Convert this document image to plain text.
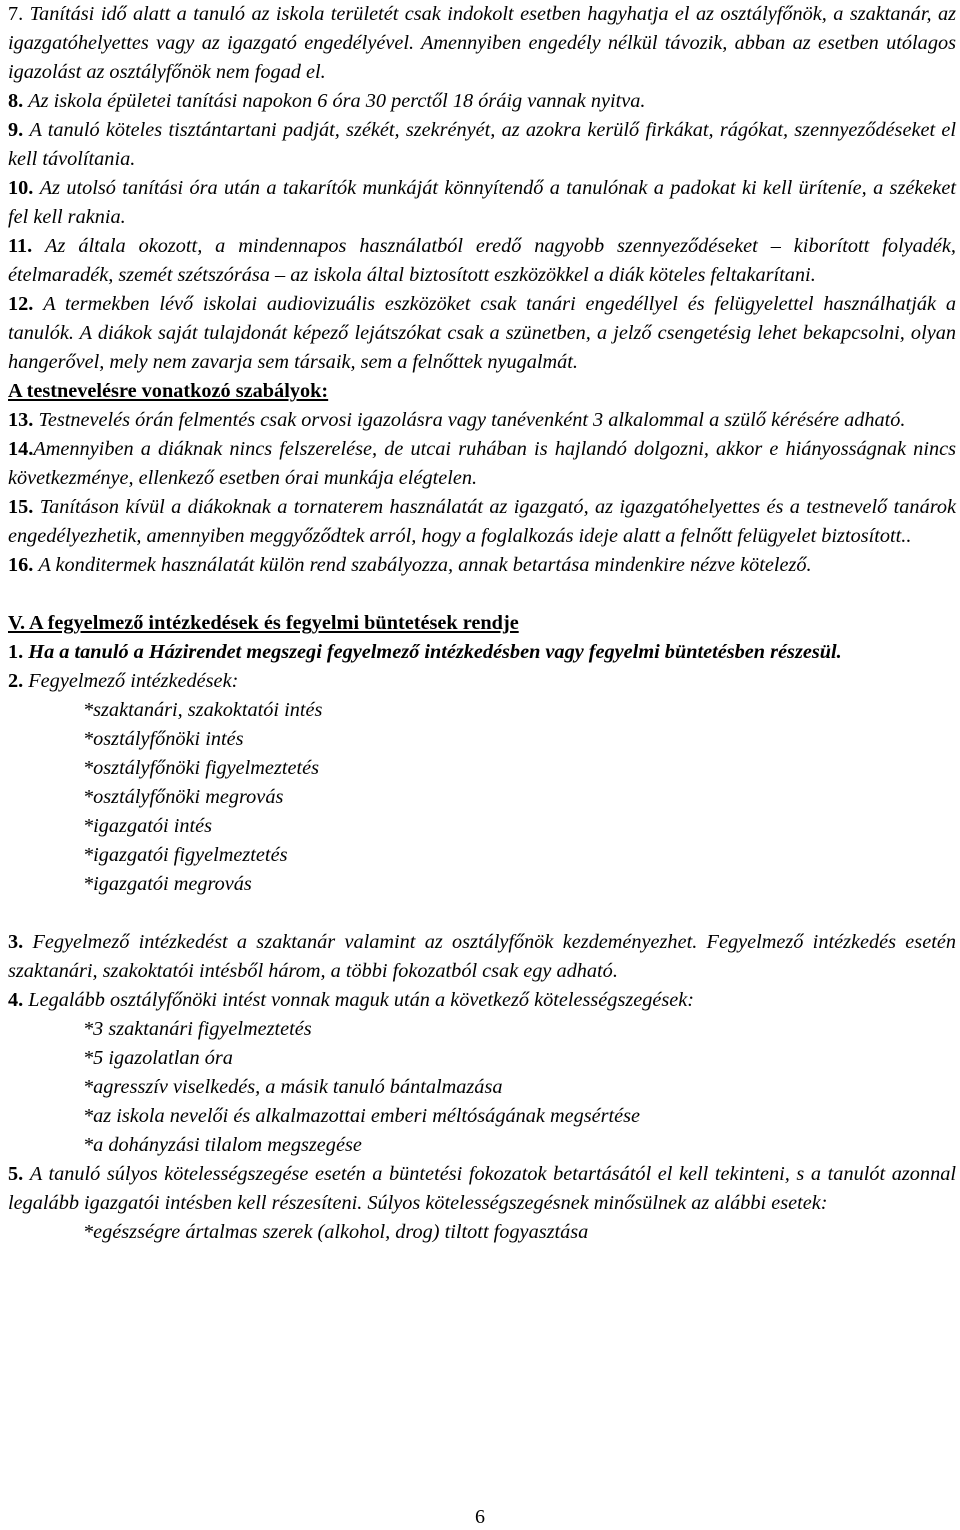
7. Tanítási idő alatt a tanuló az iskola területét csak indokolt esetben hagyhatja el az osztályfőnök, a szaktanár, az igazgatóhelyettes vagy az igazgató engedélyével. Amennyiben engedély nélkül távozik, abban az esetben utólagos igazolást az osztályfőnök nem fogad el.

8. Az iskola épületei tanítási napokon 6 óra 30 perctől 18 óráig vannak nyitva.

9. A tanuló köteles tisztántartani padját, székét, szekrényét, az azokra kerülő firkákat, rágókat, szennyeződéseket el kell távolítania.

10. Az utolsó tanítási óra után a takarítók munkáját könnyítendő a tanulónak a padokat ki kell üríteníe, a székeket fel kell raknia.

11. Az általa okozott, a mindennapos használatból eredő nagyobb szennyeződéseket – kiborított folyadék, ételmaradék, szemét szétszórása – az iskola által biztosított eszközökkel a diák köteles feltakarítani.

12. A termekben lévő iskolai audiovizuális eszközöket csak tanári engedéllyel és felügyelettel használhatják a tanulók. A diákok saját tulajdonát képező lejátszókat csak a szünetben, a jelző csengetésig lehet bekapcsolni, olyan hangerővel, mely nem zavarja sem társaik, sem a felnőttek nyugalmát.

A testnevelésre vonatkozó szabályok:

13. Testnevelés órán felmentés csak orvosi igazolásra vagy tanévenként 3 alkalommal a szülő kérésére adható.

14.Amennyiben a diáknak nincs felszerelése, de utcai ruhában is hajlandó dolgozni, akkor e hiányosságnak nincs következménye, ellenkező esetben órai munkája elégtelen.

15. Tanításon kívül a diákoknak a tornaterem használatát az igazgató, az igazgatóhelyettes és a testnevelő tanárok engedélyezhetik, amennyiben meggyőződtek arról, hogy a foglalkozás ideje alatt a felnőtt felügyelet biztosított..

16. A konditermek használatát külön rend szabályozza, annak betartása mindenkire nézve kötelező.

V. A fegyelmező intézkedések és fegyelmi büntetések rendje

1. Ha a tanuló a Házirendet megszegi fegyelmező intézkedésben vagy fegyelmi büntetésben részesül.

2. Fegyelmező intézkedések:

*szaktanári, szakoktatói intés
*osztályfőnöki intés
*osztályfőnöki figyelmeztetés
*osztályfőnöki megrovás
*igazgatói intés
*igazgatói figyelmeztetés
*igazgatói megrovás

3. Fegyelmező intézkedést a szaktanár valamint az osztályfőnök kezdeményezhet. Fegyelmező intézkedés esetén szaktanári, szakoktatói intésből három, a többi fokozatból csak egy adható.

4. Legalább osztályfőnöki intést vonnak maguk után a következő kötelességszegések:

*3 szaktanári figyelmeztetés
*5 igazolatlan óra
*agresszív viselkedés, a másik tanuló bántalmazása
*az iskola nevelői és alkalmazottai emberi méltóságának megsértése
*a dohányzási tilalom megszegése

5. A tanuló súlyos kötelességszegése esetén a büntetési fokozatok betartásától el kell tekinteni, s a tanulót azonnal legalább igazgatói intésben kell részesíteni. Súlyos kötelességszegésnek minősülnek az alábbi esetek:

*egészségre ártalmas szerek (alkohol, drog) tiltott fogyasztása
6
